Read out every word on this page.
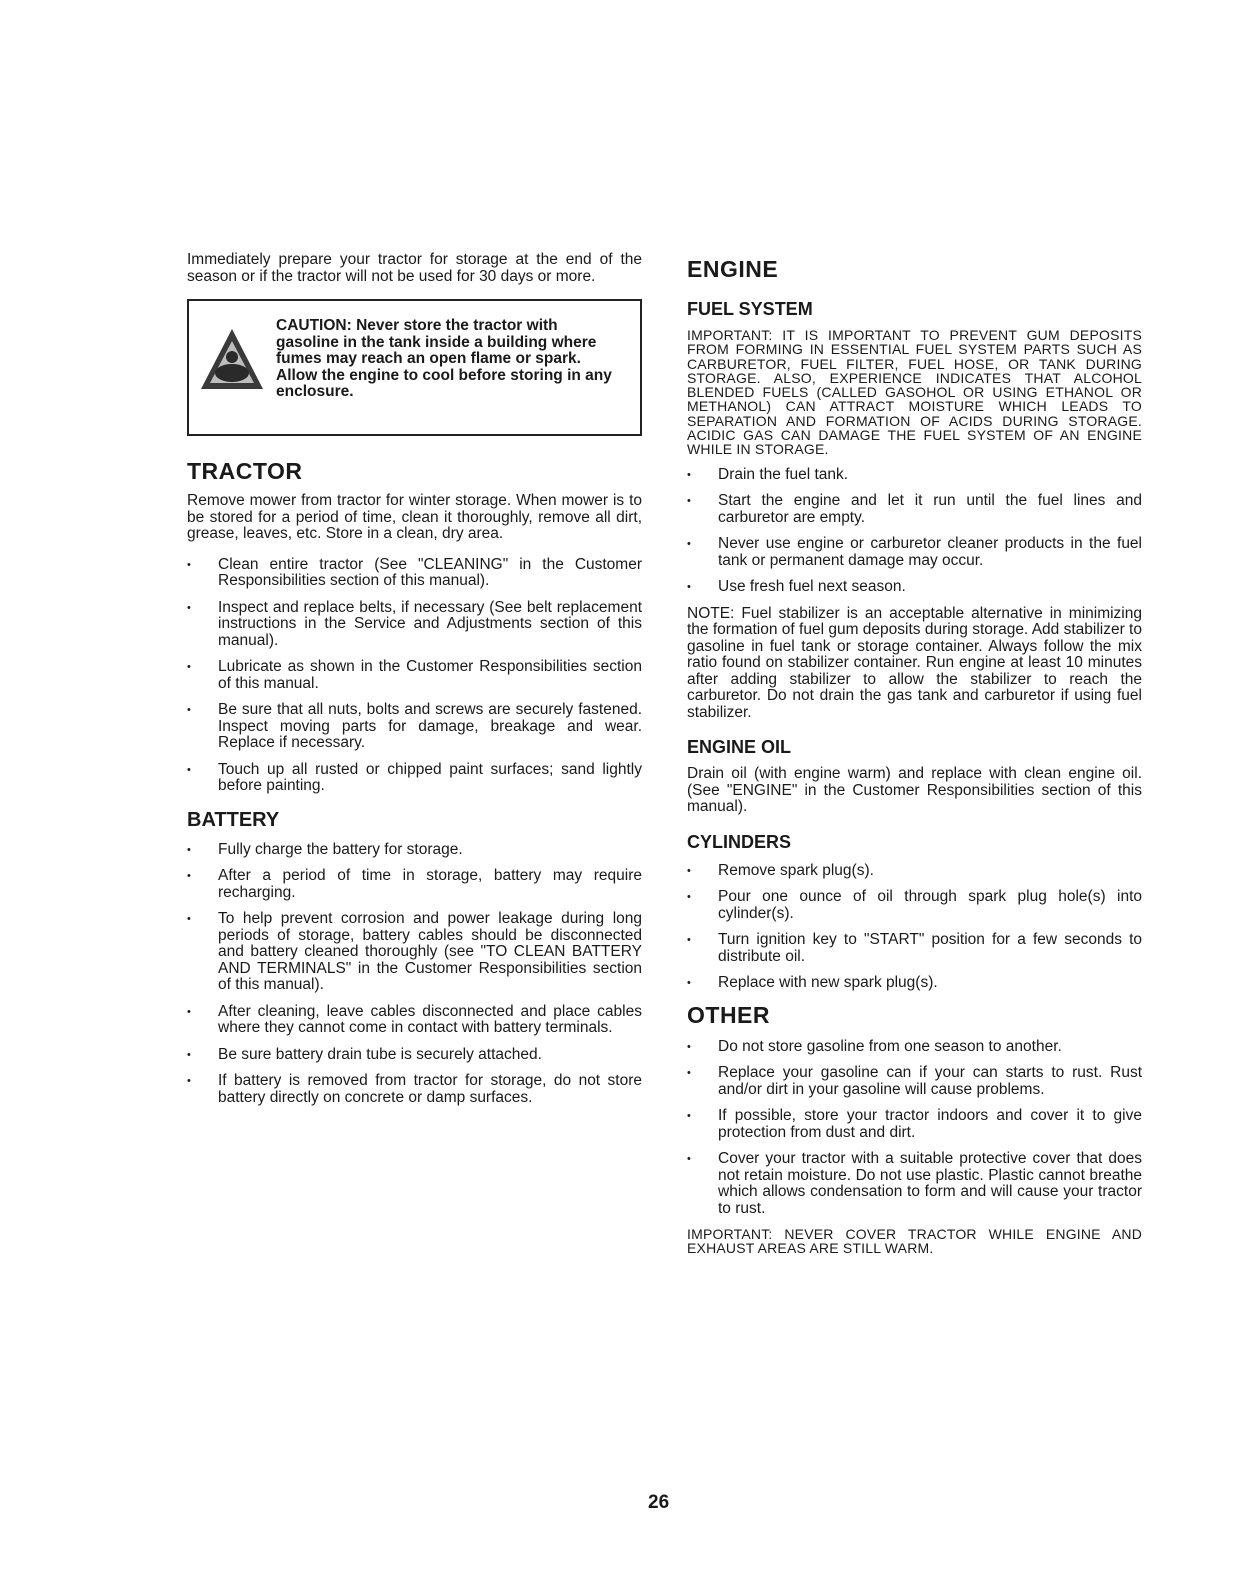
Immediately prepare your tractor for storage at the end of the season or if the tractor will not be used for 30 days or more.

CAUTION: Never store the tractor with gasoline in the tank inside a building where fumes may reach an open flame or spark. Allow the engine to cool before storing in any enclosure.

TRACTOR

Remove mower from tractor for winter storage. When mower is to be stored for a period of time, clean it thoroughly, remove all dirt, grease, leaves, etc. Store in a clean, dry area.

• Clean entire tractor (See "CLEANING" in the Customer Responsibilities section of this manual).
• Inspect and replace belts, if necessary (See belt replacement instructions in the Service and Adjustments section of this manual).
• Lubricate as shown in the Customer Responsibilities section of this manual.
• Be sure that all nuts, bolts and screws are securely fastened. Inspect moving parts for damage, breakage and wear. Replace if necessary.
• Touch up all rusted or chipped paint surfaces; sand lightly before painting.
BATTERY
• Fully charge the battery for storage.
• After a period of time in storage, battery may require recharging.
• To help prevent corrosion and power leakage during long periods of storage, battery cables should be disconnected and battery cleaned thoroughly (see "TO CLEAN BATTERY AND TERMINALS" in the Customer Responsibilities section of this manual).
• After cleaning, leave cables disconnected and place cables where they cannot come in contact with battery terminals.
• Be sure battery drain tube is securely attached.
• If battery is removed from tractor for storage, do not store battery directly on concrete or damp surfaces.
ENGINE
FUEL SYSTEM

IMPORTANT: IT IS IMPORTANT TO PREVENT GUM DEPOSITS FROM FORMING IN ESSENTIAL FUEL SYSTEM PARTS SUCH AS CARBURETOR, FUEL FILTER, FUEL HOSE, OR TANK DURING STORAGE. ALSO, EXPERIENCE INDICATES THAT ALCOHOL BLENDED FUELS (CALLED GASOHOL OR USING ETHANOL OR METHANOL) CAN ATTRACT MOISTURE WHICH LEADS TO SEPARATION AND FORMATION OF ACIDS DURING STORAGE. ACIDIC GAS CAN DAMAGE THE FUEL SYSTEM OF AN ENGINE WHILE IN STORAGE.

• Drain the fuel tank.
• Start the engine and let it run until the fuel lines and carburetor are empty.
• Never use engine or carburetor cleaner products in the fuel tank or permanent damage may occur.
• Use fresh fuel next season.

NOTE: Fuel stabilizer is an acceptable alternative in minimizing the formation of fuel gum deposits during storage. Add stabilizer to gasoline in fuel tank or storage container. Always follow the mix ratio found on stabilizer container. Run engine at least 10 minutes after adding stabilizer to allow the stabilizer to reach the carburetor. Do not drain the gas tank and carburetor if using fuel stabilizer.

ENGINE OIL

Drain oil (with engine warm) and replace with clean engine oil. (See "ENGINE" in the Customer Responsibilities section of this manual).

CYLINDERS
• Remove spark plug(s).
• Pour one ounce of oil through spark plug hole(s) into cylinder(s).
• Turn ignition key to "START" position for a few seconds to distribute oil.
• Replace with new spark plug(s).
OTHER
• Do not store gasoline from one season to another.
• Replace your gasoline can if your can starts to rust. Rust and/or dirt in your gasoline will cause problems.
• If possible, store your tractor indoors and cover it to give protection from dust and dirt.
• Cover your tractor with a suitable protective cover that does not retain moisture. Do not use plastic. Plastic cannot breathe which allows condensation to form and will cause your tractor to rust.

IMPORTANT: NEVER COVER TRACTOR WHILE ENGINE AND EXHAUST AREAS ARE STILL WARM.

26
